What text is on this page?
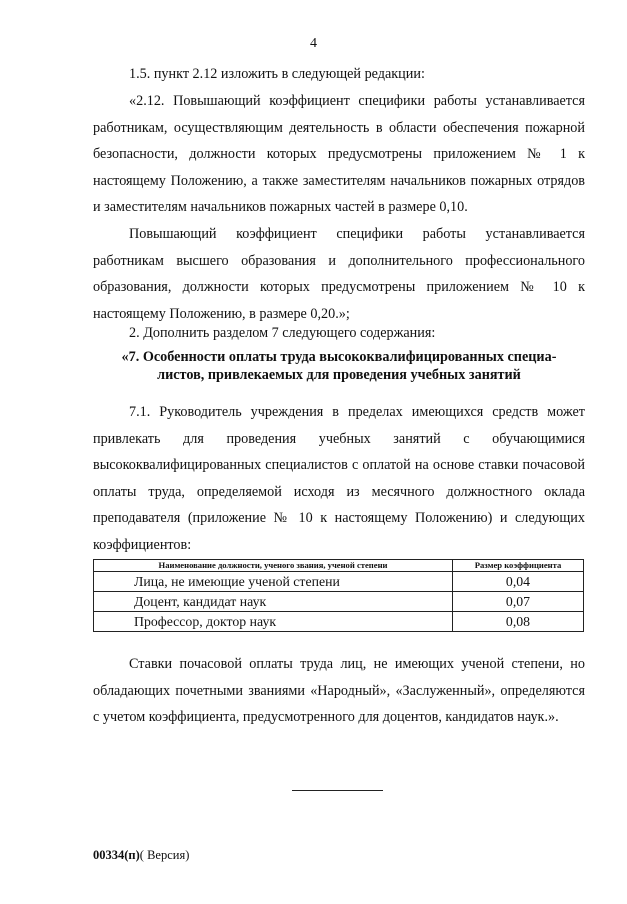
4

1.5. пункт 2.12 изложить в следующей редакции:

«2.12. Повышающий коэффициент специфики работы устанавливается работникам, осуществляющим деятельность в области обеспечения пожарной безопасности, должности которых предусмотрены приложением № 1 к настоящему Положению, а также заместителям начальников пожарных отрядов и заместителям начальников пожарных частей в размере 0,10.

Повышающий коэффициент специфики работы устанавливается работникам высшего образования и дополнительного профессионального образования, должности которых предусмотрены приложением № 10 к настоящему Положению, в размере 0,20.»;

2. Дополнить разделом 7 следующего содержания:

«7. Особенности оплаты труда высококвалифицированных специа-
листов, привлекаемых для проведения учебных занятий

7.1. Руководитель учреждения в пределах имеющихся средств может привлекать для проведения учебных занятий с обучающимися высококвалифицированных специалистов с оплатой на основе ставки почасовой оплаты труда, определяемой исходя из месячного должностного оклада преподавателя (приложение № 10 к настоящему Положению) и следующих коэффициентов:

Наименование должности, ученого звания, ученой степени	Размер коэффициента
Лица, не имеющие ученой степени	0,04
Доцент, кандидат наук	0,07
Профессор, доктор наук	0,08

Ставки почасовой оплаты труда лиц, не имеющих ученой степени, но обладающих почетными званиями «Народный», «Заслуженный», определяются с учетом коэффициента, предусмотренного для доцентов, кандидатов наук.».

00334(п)( Версия)
